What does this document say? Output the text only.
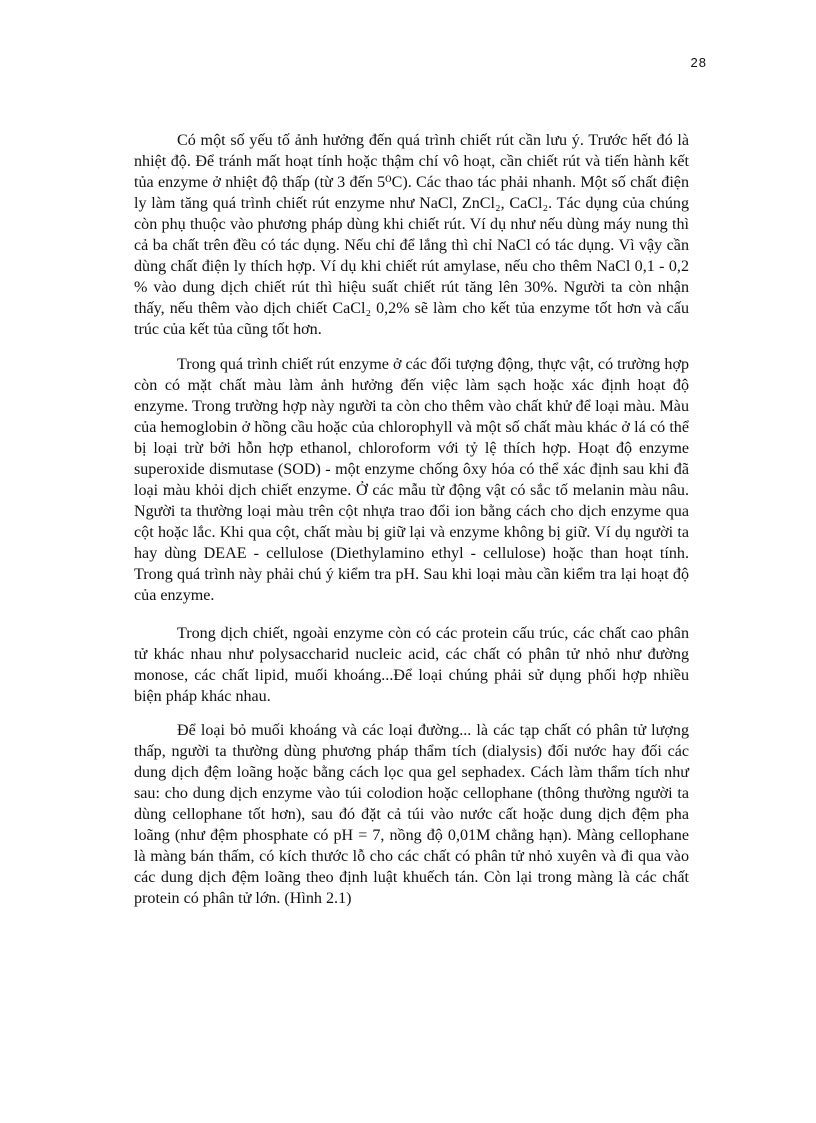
28

Có một số yếu tố ảnh hưởng đến quá trình chiết rút cần lưu ý. Trước hết đó là nhiệt độ. Để tránh mất hoạt tính hoặc thậm chí vô hoạt, cần chiết rút và tiến hành kết tủa enzyme ở nhiệt độ thấp (từ 3 đến 5⁰C). Các thao tác phải nhanh. Một số chất điện ly làm tăng quá trình chiết rút enzyme như NaCl, ZnCl₂, CaCl₂. Tác dụng của chúng còn phụ thuộc vào phương pháp dùng khi chiết rút. Ví dụ như nếu dùng máy nung thì cả ba chất trên đều có tác dụng. Nếu chỉ để lắng thì chỉ NaCl có tác dụng. Vì vậy cần dùng chất điện ly thích hợp. Ví dụ khi chiết rút amylase, nếu cho thêm NaCl 0,1 - 0,2 % vào dung dịch chiết rút thì hiệu suất chiết rút tăng lên 30%. Người ta còn nhận thấy, nếu thêm vào dịch chiết CaCl₂ 0,2% sẽ làm cho kết tủa enzyme tốt hơn và cấu trúc của kết tủa cũng tốt hơn.

Trong quá trình chiết rút enzyme ở các đối tượng động, thực vật, có trường hợp còn có mặt chất màu làm ảnh hưởng đến việc làm sạch hoặc xác định hoạt độ enzyme. Trong trường hợp này người ta còn cho thêm vào chất khử để loại màu. Màu của hemoglobin ở hồng cầu hoặc của chlorophyll và một số chất màu khác ở lá có thể bị loại trừ bởi hỗn hợp ethanol, chloroform với tỷ lệ thích hợp. Hoạt độ enzyme superoxide dismutase (SOD) - một enzyme chống ôxy hóa có thể xác định sau khi đã loại màu khỏi dịch chiết enzyme. Ở các mẫu từ động vật có sắc tố melanin màu nâu. Người ta thường loại màu trên cột nhựa trao đổi ion bằng cách cho dịch enzyme qua cột hoặc lắc. Khi qua cột, chất màu bị giữ lại và enzyme không bị giữ. Ví dụ người ta hay dùng DEAE - cellulose (Diethylamino ethyl - cellulose) hoặc than hoạt tính. Trong quá trình này phải chú ý kiểm tra pH. Sau khi loại màu cần kiểm tra lại hoạt độ của enzyme.

Trong dịch chiết, ngoài enzyme còn có các protein cấu trúc, các chất cao phân tử khác nhau như polysaccharid nucleic acid, các chất có phân tử nhỏ như đường monose, các chất lipid, muối khoáng...Để loại chúng phải sử dụng phối hợp nhiều biện pháp khác nhau.

Để loại bỏ muối khoáng và các loại đường... là các tạp chất có phân tử lượng thấp, người ta thường dùng phương pháp thẩm tích (dialysis) đối nước hay đối các dung dịch đệm loãng hoặc bằng cách lọc qua gel sephadex. Cách làm thẩm tích như sau: cho dung dịch enzyme vào túi colodion hoặc cellophane (thông thường người ta dùng cellophane tốt hơn), sau đó đặt cả túi vào nước cất hoặc dung dịch đệm pha loãng (như đệm phosphate có pH = 7, nồng độ 0,01M chẳng hạn). Màng cellophane là màng bán thấm, có kích thước lỗ cho các chất có phân tử nhỏ xuyên và đi qua vào các dung dịch đệm loãng theo định luật khuếch tán. Còn lại trong màng là các chất protein có phân tử lớn. (Hình 2.1)
